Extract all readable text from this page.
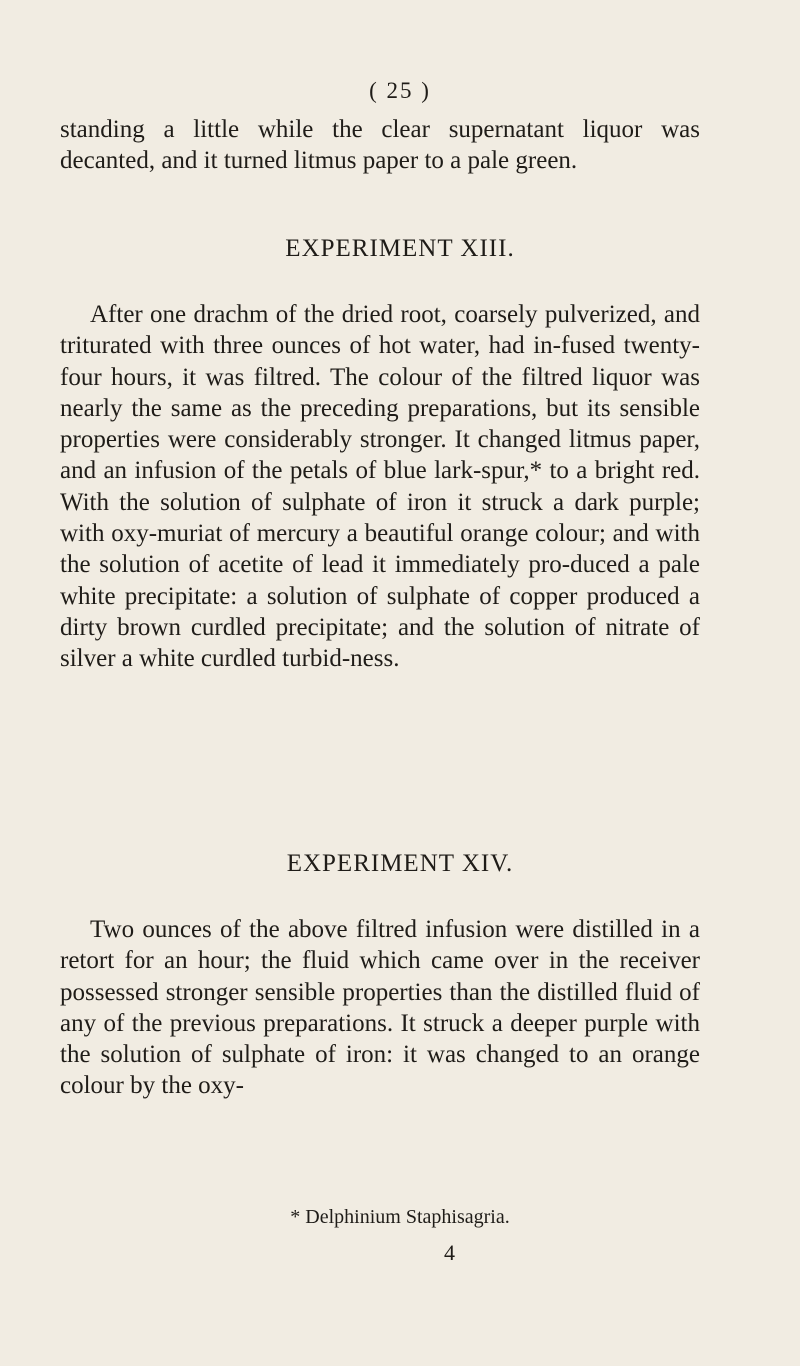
( 25 )
standing a little while the clear supernatant liquor was decanted, and it turned litmus paper to a pale green.
EXPERIMENT XIII.
After one drachm of the dried root, coarsely pulverized, and triturated with three ounces of hot water, had in-fused twenty-four hours, it was filtred. The colour of the filtred liquor was nearly the same as the preceding preparations, but its sensible properties were considerably stronger. It changed litmus paper, and an infusion of the petals of blue lark-spur,* to a bright red. With the solution of sulphate of iron it struck a dark purple; with oxy-muriat of mercury a beautiful orange colour; and with the solution of acetite of lead it immediately pro-duced a pale white precipitate: a solution of sulphate of copper produced a dirty brown curdled precipitate; and the solution of nitrate of silver a white curdled turbid-ness.
EXPERIMENT XIV.
Two ounces of the above filtred infusion were distilled in a retort for an hour; the fluid which came over in the receiver possessed stronger sensible properties than the distilled fluid of any of the previous preparations. It struck a deeper purple with the solution of sulphate of iron: it was changed to an orange colour by the oxy-
* Delphinium Staphisagria.
4
